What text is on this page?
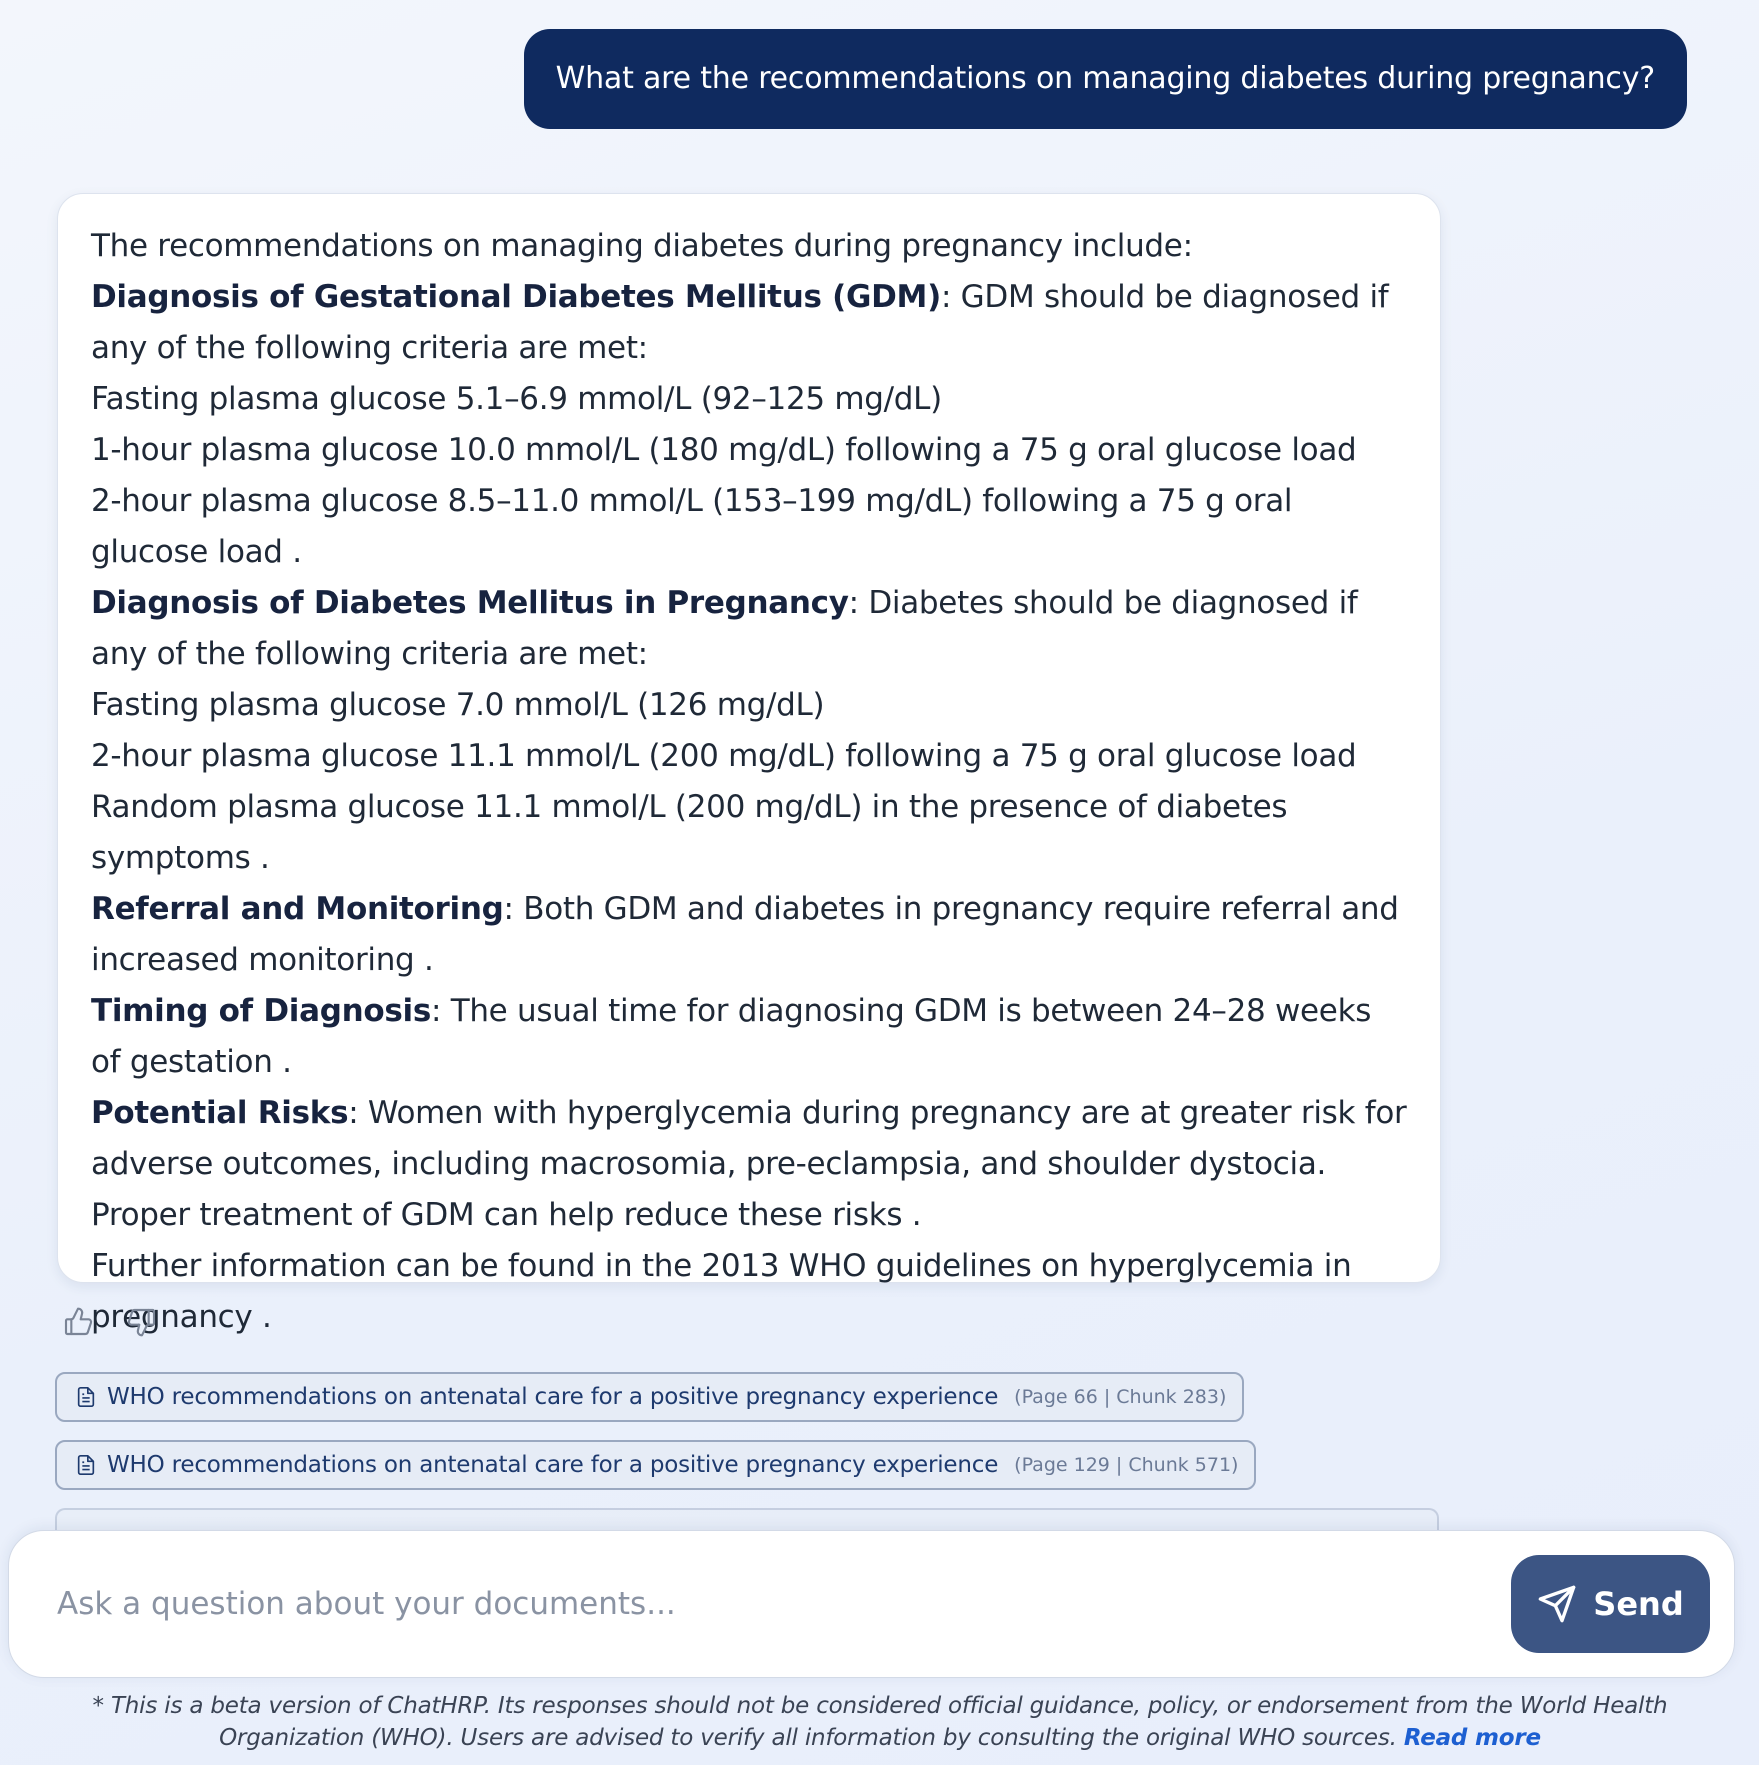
What are the recommendations on managing diabetes during pregnancy?

The recommendations on managing diabetes during pregnancy include:

Diagnosis of Gestational Diabetes Mellitus (GDM): GDM should be diagnosed if any of the following criteria are met:

Fasting plasma glucose 5.1–6.9 mmol/L (92–125 mg/dL)

1-hour plasma glucose 10.0 mmol/L (180 mg/dL) following a 75 g oral glucose load

2-hour plasma glucose 8.5–11.0 mmol/L (153–199 mg/dL) following a 75 g oral glucose load .

Diagnosis of Diabetes Mellitus in Pregnancy: Diabetes should be diagnosed if any of the following criteria are met:

Fasting plasma glucose 7.0 mmol/L (126 mg/dL)

2-hour plasma glucose 11.1 mmol/L (200 mg/dL) following a 75 g oral glucose load

Random plasma glucose 11.1 mmol/L (200 mg/dL) in the presence of diabetes symptoms .

Referral and Monitoring: Both GDM and diabetes in pregnancy require referral and increased monitoring .

Timing of Diagnosis: The usual time for diagnosing GDM is between 24–28 weeks of gestation .

Potential Risks: Women with hyperglycemia during pregnancy are at greater risk for adverse outcomes, including macrosomia, pre-eclampsia, and shoulder dystocia. Proper treatment of GDM can help reduce these risks .

Further information can be found in the 2013 WHO guidelines on hyperglycemia in pregnancy .

WHO recommendations on antenatal care for a positive pregnancy experience (Page 66 | Chunk 283)
WHO recommendations on antenatal care for a positive pregnancy experience (Page 129 | Chunk 571)
Ask a question about your documents...
Send
* This is a beta version of ChatHRP. Its responses should not be considered official guidance, policy, or endorsement from the World Health Organization (WHO). Users are advised to verify all information by consulting the original WHO sources. Read more
